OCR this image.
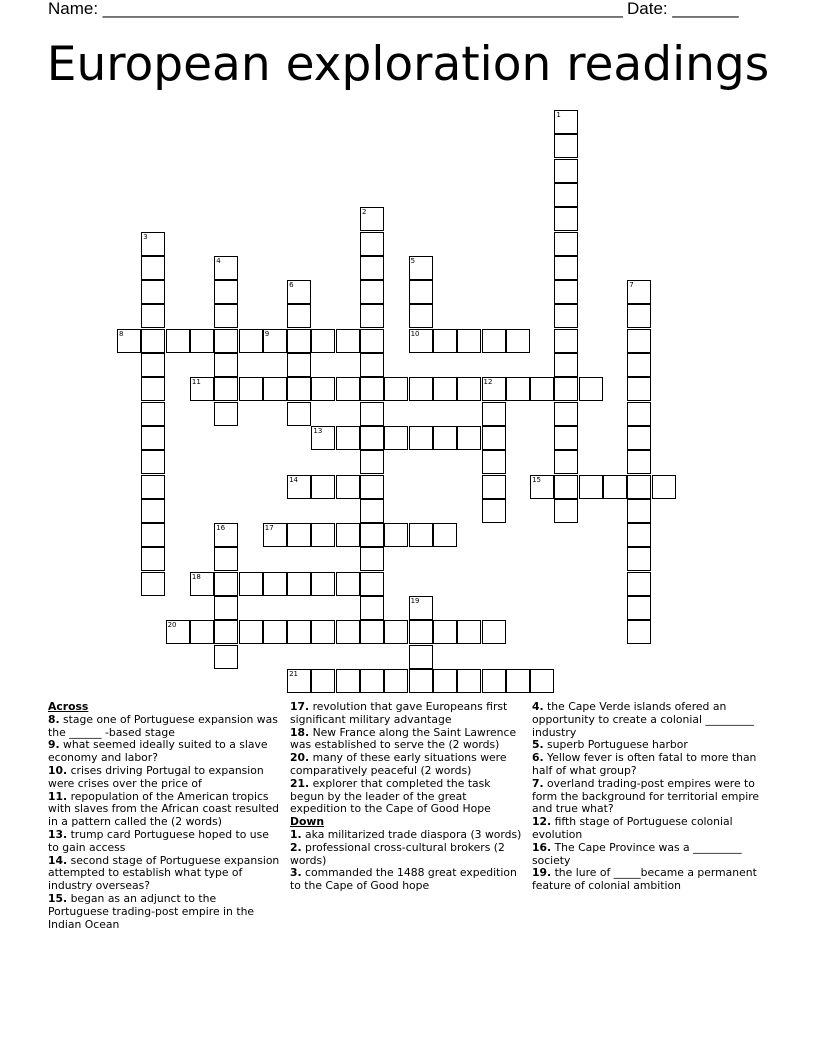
Name: _______________________________________________________ Date: _______
European exploration readings
1
2
3
4	5
10
6	7
8	9
11	12
13
14	15
16	17
18
19
20
21

Across

8. stage one of Portuguese expansion was the ______ -based stage

9. what seemed ideally suited to a slave economy and labor?

10. crises driving Portugal to expansion were crises over the price of

11. repopulation of the American tropics with slaves from the African coast resulted in a pattern called the (2 words)

13. trump card Portuguese hoped to use to gain access

14. second stage of Portuguese expansion attempted to establish what type of industry overseas?

15. began as an adjunct to the Portuguese trading-post empire in the Indian Ocean

17. revolution that gave Europeans first significant military advantage

18. New France along the Saint Lawrence was established to serve the (2 words)

20. many of these early situations were comparatively peaceful (2 words)

21. explorer that completed the task begun by the leader of the great expedition to the Cape of Good Hope

Down

1. aka militarized trade diaspora (3 words)

2. professional cross-cultural brokers (2 words)

3. commanded the 1488 great expedition to the Cape of Good hope

4. the Cape Verde islands ofered an opportunity to create a colonial _________ industry

5. superb Portuguese harbor

6. Yellow fever is often fatal to more than half of what group?

7. overland trading-post empires were to form the background for territorial empire and true what?

12. fifth stage of Portuguese colonial evolution

16. The Cape Province was a _________ society

19. the lure of _____became a permanent feature of colonial ambition
